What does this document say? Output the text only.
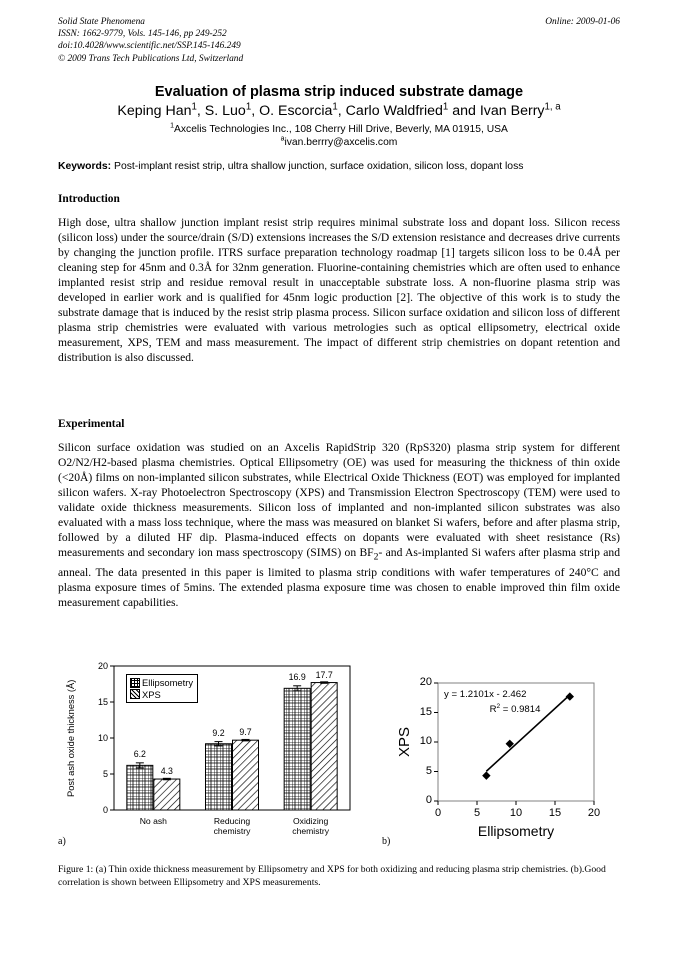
Online: 2009-01-06
Solid State Phenomena
ISSN: 1662-9779, Vols. 145-146, pp 249-252
doi:10.4028/www.scientific.net/SSP.145-146.249
© 2009 Trans Tech Publications Ltd, Switzerland
Evaluation of plasma strip induced substrate damage
Keping Han$^1$, S. Luo$^1$, O. Escorcia$^1$, Carlo Waldfried$^1$ and Ivan Berry$^{1, a}$
$^1$Axcelis Technologies Inc., 108 Cherry Hill Drive, Beverly, MA 01915, USA
$^a$ivan.berrry@axcelis.com
Keywords: Post-implant resist strip, ultra shallow junction, surface oxidation, silicon loss, dopant loss
Introduction
High dose, ultra shallow junction implant resist strip requires minimal substrate loss and dopant loss. Silicon recess (silicon loss) under the source/drain (S/D) extensions increases the S/D extension resistance and decreases drive currents by changing the junction profile. ITRS surface preparation technology roadmap [1] targets silicon loss to be 0.4Å per cleaning step for 45nm and 0.3Å for 32nm generation. Fluorine-containing chemistries which are often used to enhance implanted resist strip and residue removal result in unacceptable substrate loss. A non-fluorine plasma strip was developed in earlier work and is qualified for 45nm logic production [2]. The objective of this work is to study the substrate damage that is induced by the resist strip plasma process. Silicon surface oxidation and silicon loss of different plasma strip chemistries were evaluated with various metrologies such as optical ellipsometry, electrical oxide measurement, XPS, TEM and mass measurement. The impact of different strip chemistries on dopant retention and distribution is also discussed.
Experimental
Silicon surface oxidation was studied on an Axcelis RapidStrip 320 (RpS320) plasma strip system for different O2/N2/H2-based plasma chemistries. Optical Ellipsometry (OE) was used for measuring the thickness of thin oxide (<20Å) films on non-implanted silicon substrates, while Electrical Oxide Thickness (EOT) was employed for implanted silicon wafers. X-ray Photoelectron Spectroscopy (XPS) and Transmission Electron Spectroscopy (TEM) were used to validate oxide thickness measurements. Silicon loss of implanted and non-implanted silicon substrates was also evaluated with a mass loss technique, where the mass was measured on blanket Si wafers, before and after plasma strip, followed by a diluted HF dip. Plasma-induced effects on dopants were evaluated with sheet resistance (Rs) measurements and secondary ion mass spectroscopy (SIMS) on $BF_2-$ and As-implanted Si wafers after plasma strip and anneal. The data presented in this paper is limited to plasma strip conditions with wafer temperatures of 240°C and plasma exposure times of 5mins. The extended plasma exposure time was chosen to enable improved thin film oxide measurement capabilities.
Post ash oxide thickness (Å)
0
5
10
15
20
6.2
4.3
9.2	9.7
16.9	17.7
No ash	Reducing
chemistry
Oxidizing
chemistry
Ellipsometry
XPS
XPS
0
5
10
15
20
0	5	10	15	20
y = 1.2101x - 2.462
$R^2 = 0.9814$
Ellipsometry
a)	b)
Figure 1: (a) Thin oxide thickness measurement by Ellipsometry and XPS for both oxidizing and reducing plasma strip chemistries. (b).Good correlation is shown between Ellipsometry and XPS measurements.
